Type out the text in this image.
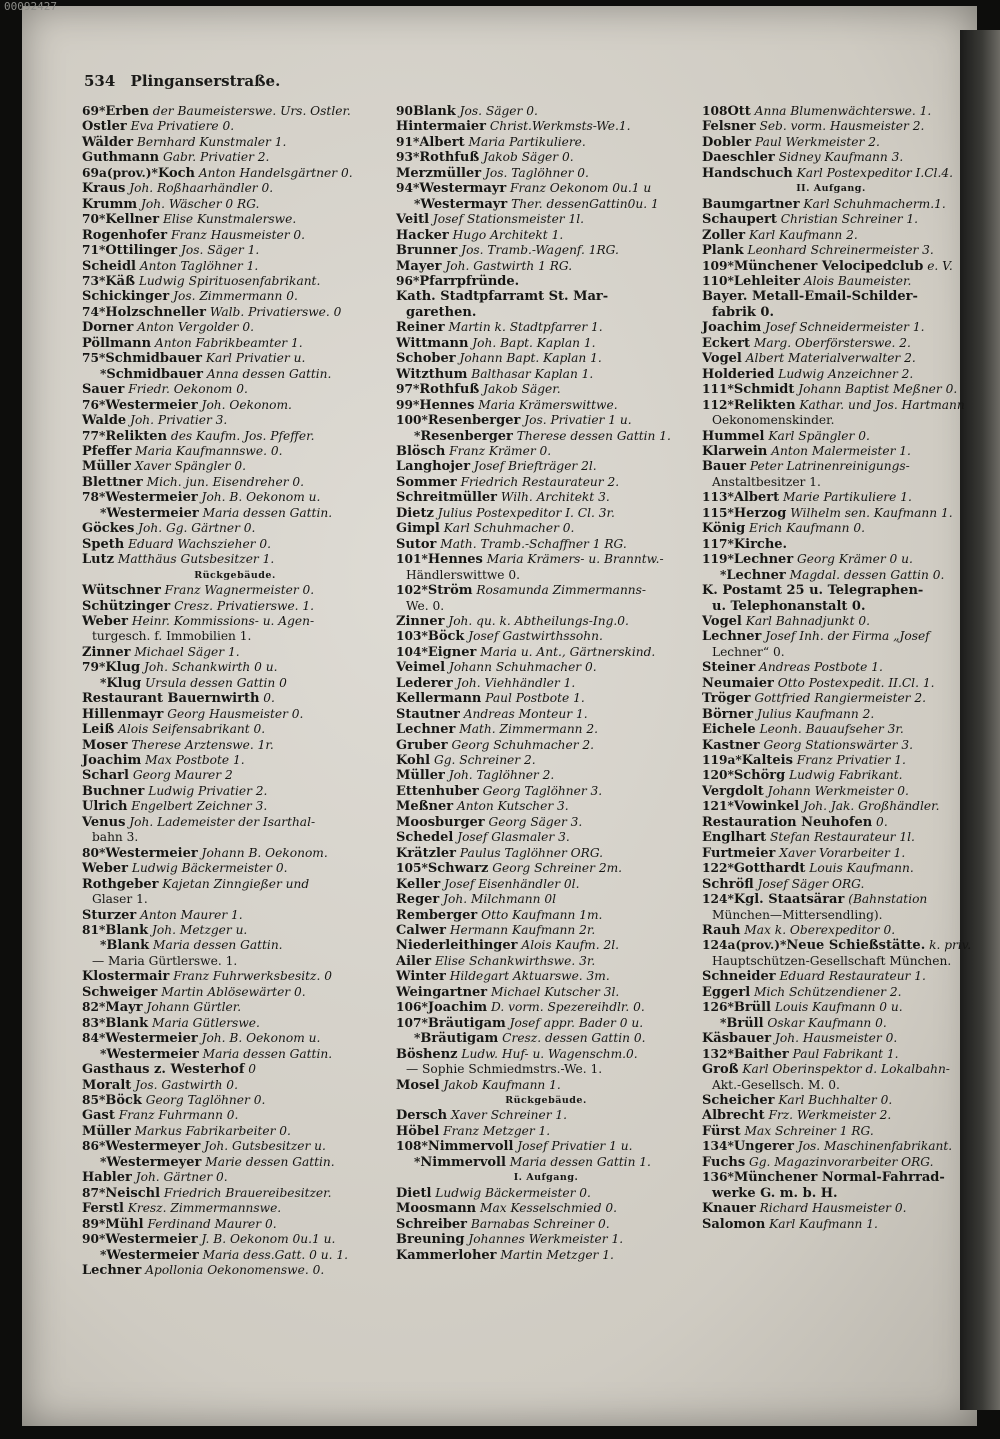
00092427
534 Plinganserstraße.
69*Erben der Baumeisterswe. Urs. Ostler.
Ostler Eva Privatiere 0.
Wälder Bernhard Kunstmaler 1.
Guthmann Gabr. Privatier 2.
69a(prov.)*Koch Anton Handelsgärtner 0.
Kraus Joh. Roßhaarhändler 0.
Krumm Joh. Wäscher 0 RG.
70*Kellner Elise Kunstmalerswe.
Rogenhofer Franz Hausmeister 0.
71*Ottilinger Jos. Säger 1.
Scheidl Anton Taglöhner 1.
73*Käß Ludwig Spirituosenfabrikant.
Schickinger Jos. Zimmermann 0.
74*Holzschneller Walb. Privatierswe. 0
Dorner Anton Vergolder 0.
Pöllmann Anton Fabrikbeamter 1.
75*Schmidbauer Karl Privatier u.
*Schmidbauer Anna dessen Gattin.
Sauer Friedr. Oekonom 0.
76*Westermeier Joh. Oekonom.
Walde Joh. Privatier 3.
77*Relikten des Kaufm. Jos. Pfeffer.
Pfeffer Maria Kaufmannswe. 0.
Müller Xaver Spängler 0.
Blettner Mich. jun. Eisendreher 0.
78*Westermeier Joh. B. Oekonom u.
*Westermeier Maria dessen Gattin.
Göckes Joh. Gg. Gärtner 0.
Speth Eduard Wachszieher 0.
Lutz Matthäus Gutsbesitzer 1.
Rückgebäude.
Wütschner Franz Wagnermeister 0.
Schützinger Cresz. Privatierswe. 1.
Weber Heinr. Kommissions- u. Agen-
turgesch. f. Immobilien 1.
Zinner Michael Säger 1.
79*Klug Joh. Schankwirth 0 u.
*Klug Ursula dessen Gattin 0
Restaurant Bauernwirth 0.
Hillenmayr Georg Hausmeister 0.
Leiß Alois Seifensabrikant 0.
Moser Therese Arztenswe. 1r.
Joachim Max Postbote 1.
Scharl Georg Maurer 2
Buchner Ludwig Privatier 2.
Ulrich Engelbert Zeichner 3.
Venus Joh. Lademeister der Isarthal-
bahn 3.
80*Westermeier Johann B. Oekonom.
Weber Ludwig Bäckermeister 0.
Rothgeber Kajetan Zinngießer und
Glaser 1.
Sturzer Anton Maurer 1.
81*Blank Joh. Metzger u.
*Blank Maria dessen Gattin.
— Maria Gürtlerswe. 1.
Klostermair Franz Fuhrwerksbesitz. 0
Schweiger Martin Ablösewärter 0.
82*Mayr Johann Gürtler.
83*Blank Maria Gütlerswe.
84*Westermeier Joh. B. Oekonom u.
*Westermeier Maria dessen Gattin.
Gasthaus z. Westerhof 0
Moralt Jos. Gastwirth 0.
85*Böck Georg Taglöhner 0.
Gast Franz Fuhrmann 0.
Müller Markus Fabrikarbeiter 0.
86*Westermeyer Joh. Gutsbesitzer u.
*Westermeyer Marie dessen Gattin.
Habler Joh. Gärtner 0.
87*Neischl Friedrich Brauereibesitzer.
Ferstl Kresz. Zimmermannswe.
89*Mühl Ferdinand Maurer 0.
90*Westermeier J. B. Oekonom 0u.1 u.
*Westermeier Maria dess.Gatt. 0 u. 1.
Lechner Apollonia Oekonomenswe. 0.
90Blank Jos. Säger 0.
Hintermaier Christ.Werkmsts-We.1.
91*Albert Maria Partikuliere.
93*Rothfuß Jakob Säger 0.
Merzmüller Jos. Taglöhner 0.
94*Westermayr Franz Oekonom 0u.1 u
*Westermayr Ther. dessenGattin0u. 1
Veitl Josef Stationsmeister 1l.
Hacker Hugo Architekt 1.
Brunner Jos. Tramb.-Wagenf. 1RG.
Mayer Joh. Gastwirth 1 RG.
96*Pfarrpfründe.
Kath. Stadtpfarramt St. Mar-
garethen.
Reiner Martin k. Stadtpfarrer 1.
Wittmann Joh. Bapt. Kaplan 1.
Schober Johann Bapt. Kaplan 1.
Witzthum Balthasar Kaplan 1.
97*Rothfuß Jakob Säger.
99*Hennes Maria Krämerswittwe.
100*Resenberger Jos. Privatier 1 u.
*Resenberger Therese dessen Gattin 1.
Blösch Franz Krämer 0.
Langhojer Josef Briefträger 2l.
Sommer Friedrich Restaurateur 2.
Schreitmüller Wilh. Architekt 3.
Dietz Julius Postexpeditor I. Cl. 3r.
Gimpl Karl Schuhmacher 0.
Sutor Math. Tramb.-Schaffner 1 RG.
101*Hennes Maria Krämers- u. Branntw.-
Händlerswittwe 0.
102*Ström Rosamunda Zimmermanns-
We. 0.
Zinner Joh. qu. k. Abtheilungs-Ing.0.
103*Böck Josef Gastwirthssohn.
104*Eigner Maria u. Ant., Gärtnerskind.
Veimel Johann Schuhmacher 0.
Lederer Joh. Viehhändler 1.
Kellermann Paul Postbote 1.
Stautner Andreas Monteur 1.
Lechner Math. Zimmermann 2.
Gruber Georg Schuhmacher 2.
Kohl Gg. Schreiner 2.
Müller Joh. Taglöhner 2.
Ettenhuber Georg Taglöhner 3.
Meßner Anton Kutscher 3.
Moosburger Georg Säger 3.
Schedel Josef Glasmaler 3.
Krätzler Paulus Taglöhner ORG.
105*Schwarz Georg Schreiner 2m.
Keller Josef Eisenhändler 0l.
Reger Joh. Milchmann 0l
Remberger Otto Kaufmann 1m.
Calwer Hermann Kaufmann 2r.
Niederleithinger Alois Kaufm. 2l.
Ailer Elise Schankwirthswe. 3r.
Winter Hildegart Aktuarswe. 3m.
Weingartner Michael Kutscher 3l.
106*Joachim D. vorm. Spezereihdlr. 0.
107*Bräutigam Josef appr. Bader 0 u.
*Bräutigam Cresz. dessen Gattin 0.
Böshenz Ludw. Huf- u. Wagenschm.0.
— Sophie Schmiedmstrs.-We. 1.
Mosel Jakob Kaufmann 1.
Rückgebäude.
Dersch Xaver Schreiner 1.
Höbel Franz Metzger 1.
108*Nimmervoll Josef Privatier 1 u.
*Nimmervoll Maria dessen Gattin 1.
I. Aufgang.
Dietl Ludwig Bäckermeister 0.
Moosmann Max Kesselschmied 0.
Schreiber Barnabas Schreiner 0.
Breuning Johannes Werkmeister 1.
Kammerloher Martin Metzger 1.
108Ott Anna Blumenwächterswe. 1.
Felsner Seb. vorm. Hausmeister 2.
Dobler Paul Werkmeister 2.
Daeschler Sidney Kaufmann 3.
Handschuch Karl Postexpeditor I.Cl.4.
II. Aufgang.
Baumgartner Karl Schuhmacherm.1.
Schaupert Christian Schreiner 1.
Zoller Karl Kaufmann 2.
Plank Leonhard Schreinermeister 3.
109*Münchener Velocipedclub e. V.
110*Lehleiter Alois Baumeister.
Bayer. Metall-Email-Schilder-
fabrik 0.
Joachim Josef Schneidermeister 1.
Eckert Marg. Oberförsterswe. 2.
Vogel Albert Materialverwalter 2.
Holderied Ludwig Anzeichner 2.
111*Schmidt Johann Baptist Meßner 0.
112*Relikten Kathar. und Jos. Hartmann
Oekonomenskinder.
Hummel Karl Spängler 0.
Klarwein Anton Malermeister 1.
Bauer Peter Latrinenreinigungs-
Anstaltbesitzer 1.
113*Albert Marie Partikuliere 1.
115*Herzog Wilhelm sen. Kaufmann 1.
König Erich Kaufmann 0.
117*Kirche.
119*Lechner Georg Krämer 0 u.
*Lechner Magdal. dessen Gattin 0.
K. Postamt 25 u. Telegraphen-
u. Telephonanstalt 0.
Vogel Karl Bahnadjunkt 0.
Lechner Josef Inh. der Firma „Josef
Lechner“ 0.
Steiner Andreas Postbote 1.
Neumaier Otto Postexpedit. II.Cl. 1.
Tröger Gottfried Rangiermeister 2.
Börner Julius Kaufmann 2.
Eichele Leonh. Bauaufseher 3r.
Kastner Georg Stationswärter 3.
119a*Kalteis Franz Privatier 1.
120*Schörg Ludwig Fabrikant.
Vergdolt Johann Werkmeister 0.
121*Vowinkel Joh. Jak. Großhändler.
Restauration Neuhofen 0.
Englhart Stefan Restaurateur 1l.
Furtmeier Xaver Vorarbeiter 1.
122*Gotthardt Louis Kaufmann.
Schröfl Josef Säger ORG.
124*Kgl. Staatsärar (Bahnstation
München—Mittersendling).
Rauh Max k. Oberexpeditor 0.
124a(prov.)*Neue Schießstätte. k. priv.
Hauptschützen-Gesellschaft München.
Schneider Eduard Restaurateur 1.
Eggerl Mich Schützendiener 2.
126*Brüll Louis Kaufmann 0 u.
*Brüll Oskar Kaufmann 0.
Käsbauer Joh. Hausmeister 0.
132*Baither Paul Fabrikant 1.
Groß Karl Oberinspektor d. Lokalbahn-
Akt.-Gesellsch. M. 0.
Scheicher Karl Buchhalter 0.
Albrecht Frz. Werkmeister 2.
Fürst Max Schreiner 1 RG.
134*Ungerer Jos. Maschinenfabrikant.
Fuchs Gg. Magazinvorarbeiter ORG.
136*Münchener Normal-Fahrrad-
werke G. m. b. H.
Knauer Richard Hausmeister 0.
Salomon Karl Kaufmann 1.
